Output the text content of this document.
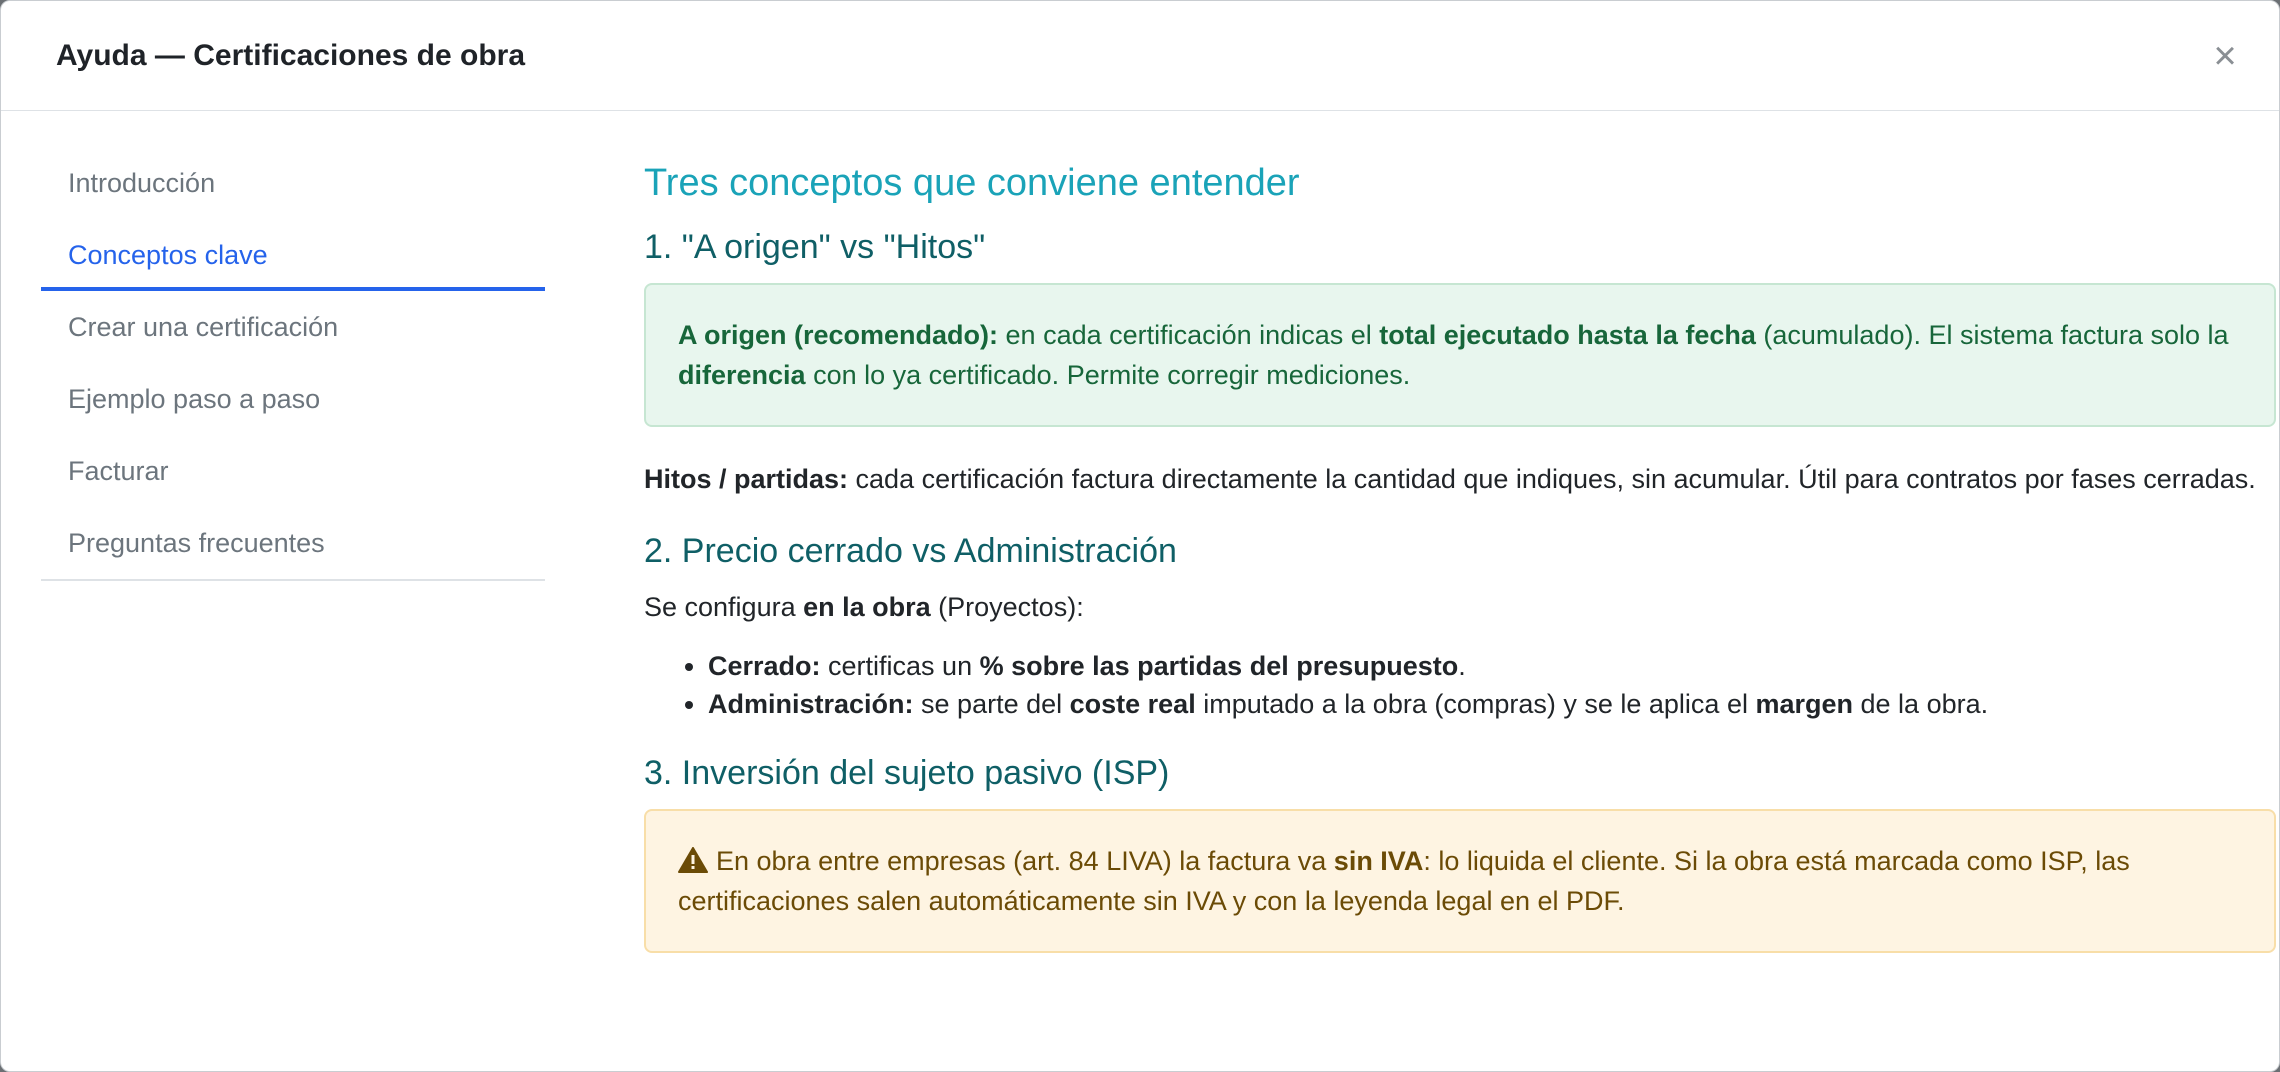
Ayuda — Certificaciones de obra	×
Introducción
Conceptos clave
Crear una certificación
Ejemplo paso a paso
Facturar
Preguntas frecuentes
Tres conceptos que conviene entender
1. "A origen" vs "Hitos"
A origen (recomendado): en cada certificación indicas el total ejecutado hasta la fecha (acumulado). El sistema factura solo la diferencia con lo ya certificado. Permite corregir mediciones.

Hitos / partidas: cada certificación factura directamente la cantidad que indiques, sin acumular. Útil para contratos por fases cerradas.

2. Precio cerrado vs Administración

Se configura en la obra (Proyectos):

• Cerrado: certificas un % sobre las partidas del presupuesto.
• Administración: se parte del coste real imputado a la obra (compras) y se le aplica el margen de la obra.
3. Inversión del sujeto pasivo (ISP)
En obra entre empresas (art. 84 LIVA) la factura va sin IVA: lo liquida el cliente. Si la obra está marcada como ISP, las certificaciones salen automáticamente sin IVA y con la leyenda legal en el PDF.
